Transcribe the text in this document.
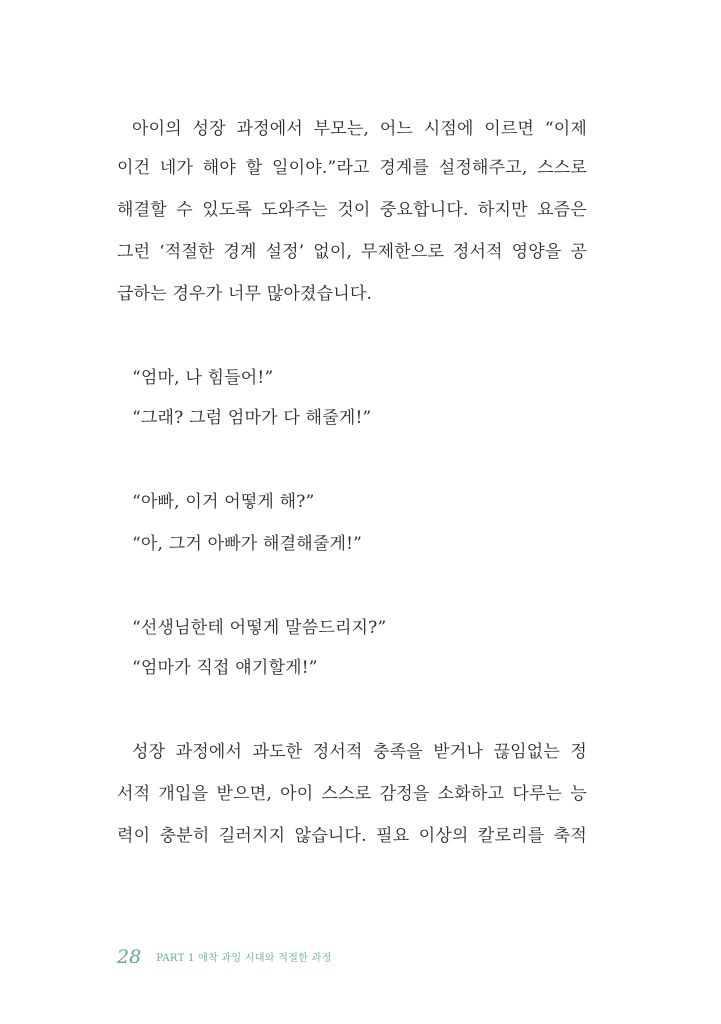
아이의 성장 과정에서 부모는, 어느 시점에 이르면 “이제
이건 네가 해야 할 일이야.”라고 경계를 설정해주고, 스스로
해결할 수 있도록 도와주는 것이 중요합니다. 하지만 요즘은
그런 ‘적절한 경계 설정’ 없이, 무제한으로 정서적 영양을 공
급하는 경우가 너무 많아졌습니다.
“엄마, 나 힘들어!”
“그래? 그럼 엄마가 다 해줄게!”
“아빠, 이거 어떻게 해?”
“아, 그거 아빠가 해결해줄게!”
“선생님한테 어떻게 말씀드리지?”
“엄마가 직접 얘기할게!”
성장 과정에서 과도한 정서적 충족을 받거나 끊임없는 정
서적 개입을 받으면, 아이 스스로 감정을 소화하고 다루는 능
력이 충분히 길러지지 않습니다. 필요 이상의 칼로리를 축적
28 PART 1 애착 과잉 시대와 적절한 과정
